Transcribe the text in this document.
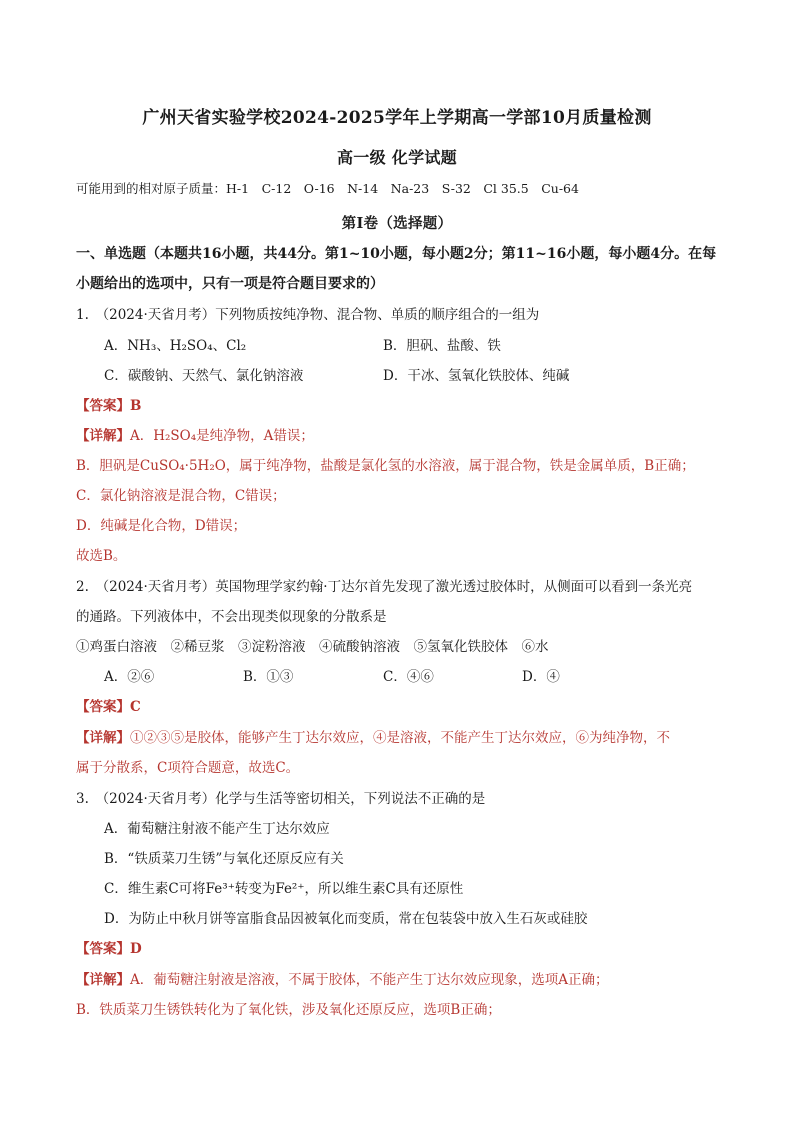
广州天省实验学校2024-2025学年上学期高一学部10月质量检测
高一级 化学试题
可能用到的相对原子质量：H-1　C-12　O-16　N-14　Na-23　S-32　Cl 35.5　Cu-64
第Ⅰ卷（选择题）
一、单选题（本题共16小题，共44分。第1~10小题，每小题2分；第11~16小题，每小题4分。在每
小题给出的选项中，只有一项是符合题目要求的）
1.　（2024·天省月考）下列物质按纯净物、混合物、单质的顺序组合的一组为
A．NH₃、H₂SO₄、Cl₂	B．胆矾、盐酸、铁
C．碳酸钠、天然气、氯化钠溶液	D．干冰、氢氧化铁胶体、纯碱
【答案】B
【详解】A．H₂SO₄是纯净物，A错误；
B．胆矾是CuSO₄·5H₂O，属于纯净物，盐酸是氯化氢的水溶液，属于混合物，铁是金属单质，B正确；
C．氯化钠溶液是混合物，C错误；
D．纯碱是化合物，D错误；
故选B。
2.　（2024·天省月考）英国物理学家约翰·丁达尔首先发现了激光透过胶体时，从侧面可以看到一条光亮
的通路。下列液体中，不会出现类似现象的分散系是
①鸡蛋白溶液　②稀豆浆　③淀粉溶液　④硫酸钠溶液　⑤氢氧化铁胶体　⑥水
A．②⑥	B．①③	C．④⑥	D．④
【答案】C
【详解】①②③⑤是胶体，能够产生丁达尔效应，④是溶液，不能产生丁达尔效应，⑥为纯净物，不
属于分散系，C项符合题意，故选C。
3.　（2024·天省月考）化学与生活等密切相关，下列说法不正确的是
A．葡萄糖注射液不能产生丁达尔效应
B．“铁质菜刀生锈”与氧化还原反应有关
C．维生素C可将Fe³⁺转变为Fe²⁺，所以维生素C具有还原性
D．为防止中秋月饼等富脂食品因被氧化而变质，常在包装袋中放入生石灰或硅胶
【答案】D
【详解】A．葡萄糖注射液是溶液，不属于胶体，不能产生丁达尔效应现象，选项A正确；
B．铁质菜刀生锈铁转化为了氧化铁，涉及氧化还原反应，选项B正确；
